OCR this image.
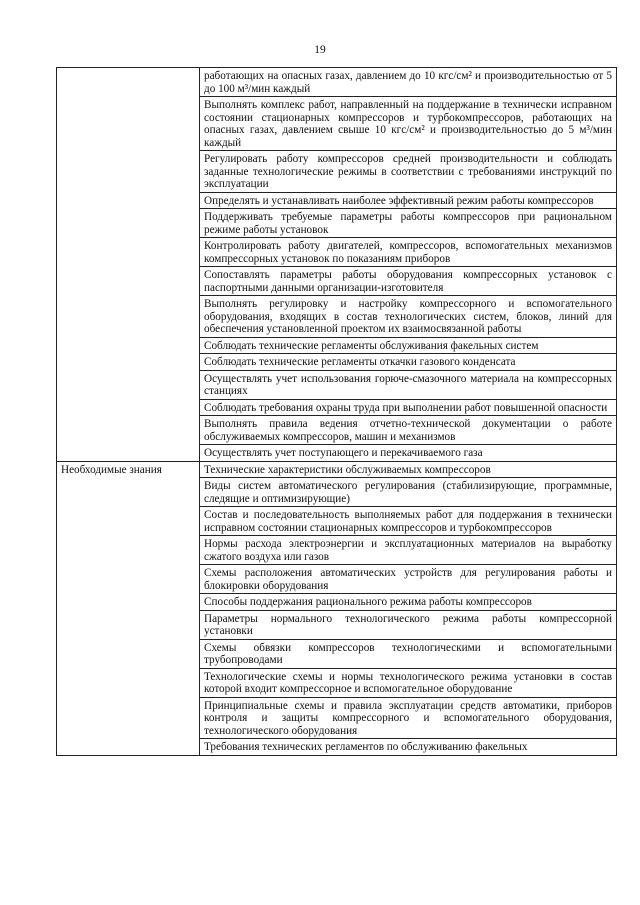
19
	работающих на опасных газах, давлением до 10 кгс/см² и производительностью от 5 до 100 м³/мин каждый
	Выполнять комплекс работ, направленный на поддержание в технически исправном состоянии стационарных компрессоров и турбокомпрессоров, работающих на опасных газах, давлением свыше 10 кгс/см² и производительностью до 5 м³/мин каждый
	Регулировать работу компрессоров средней производительности и соблюдать заданные технологические режимы в соответствии с требованиями инструкций по эксплуатации
	Определять и устанавливать наиболее эффективный режим работы компрессоров
	Поддерживать требуемые параметры работы компрессоров при рациональном режиме работы установок
	Контролировать работу двигателей, компрессоров, вспомогательных механизмов компрессорных установок по показаниям приборов
	Сопоставлять параметры работы оборудования компрессорных установок с паспортными данными организации-изготовителя
	Выполнять регулировку и настройку компрессорного и вспомогательного оборудования, входящих в состав технологических систем, блоков, линий для обеспечения установленной проектом их взаимосвязанной работы
	Соблюдать технические регламенты обслуживания факельных систем
	Соблюдать технические регламенты откачки газового конденсата
	Осуществлять учет использования горюче-смазочного материала на компрессорных станциях
	Соблюдать требования охраны труда при выполнении работ повышенной опасности
	Выполнять правила ведения отчетно-технической документации о работе обслуживаемых компрессоров, машин и механизмов
	Осуществлять учет поступающего и перекачиваемого газа
Необходимые знания	Технические характеристики обслуживаемых компрессоров
	Виды систем автоматического регулирования (стабилизирующие, программные, следящие и оптимизирующие)
	Состав и последовательность выполняемых работ для поддержания в технически исправном состоянии стационарных компрессоров и турбокомпрессоров
	Нормы расхода электроэнергии и эксплуатационных материалов на выработку сжатого воздуха или газов
	Схемы расположения автоматических устройств для регулирования работы и блокировки оборудования
	Способы поддержания рационального режима работы компрессоров
	Параметры нормального технологического режима работы компрессорной установки
	Схемы обвязки компрессоров технологическими и вспомогательными трубопроводами
	Технологические схемы и нормы технологического режима установки в состав которой входит компрессорное и вспомогательное оборудование
	Принципиальные схемы и правила эксплуатации средств автоматики, приборов контроля и защиты компрессорного и вспомогательного оборудования, технологического оборудования
	Требования технических регламентов по обслуживанию факельных
